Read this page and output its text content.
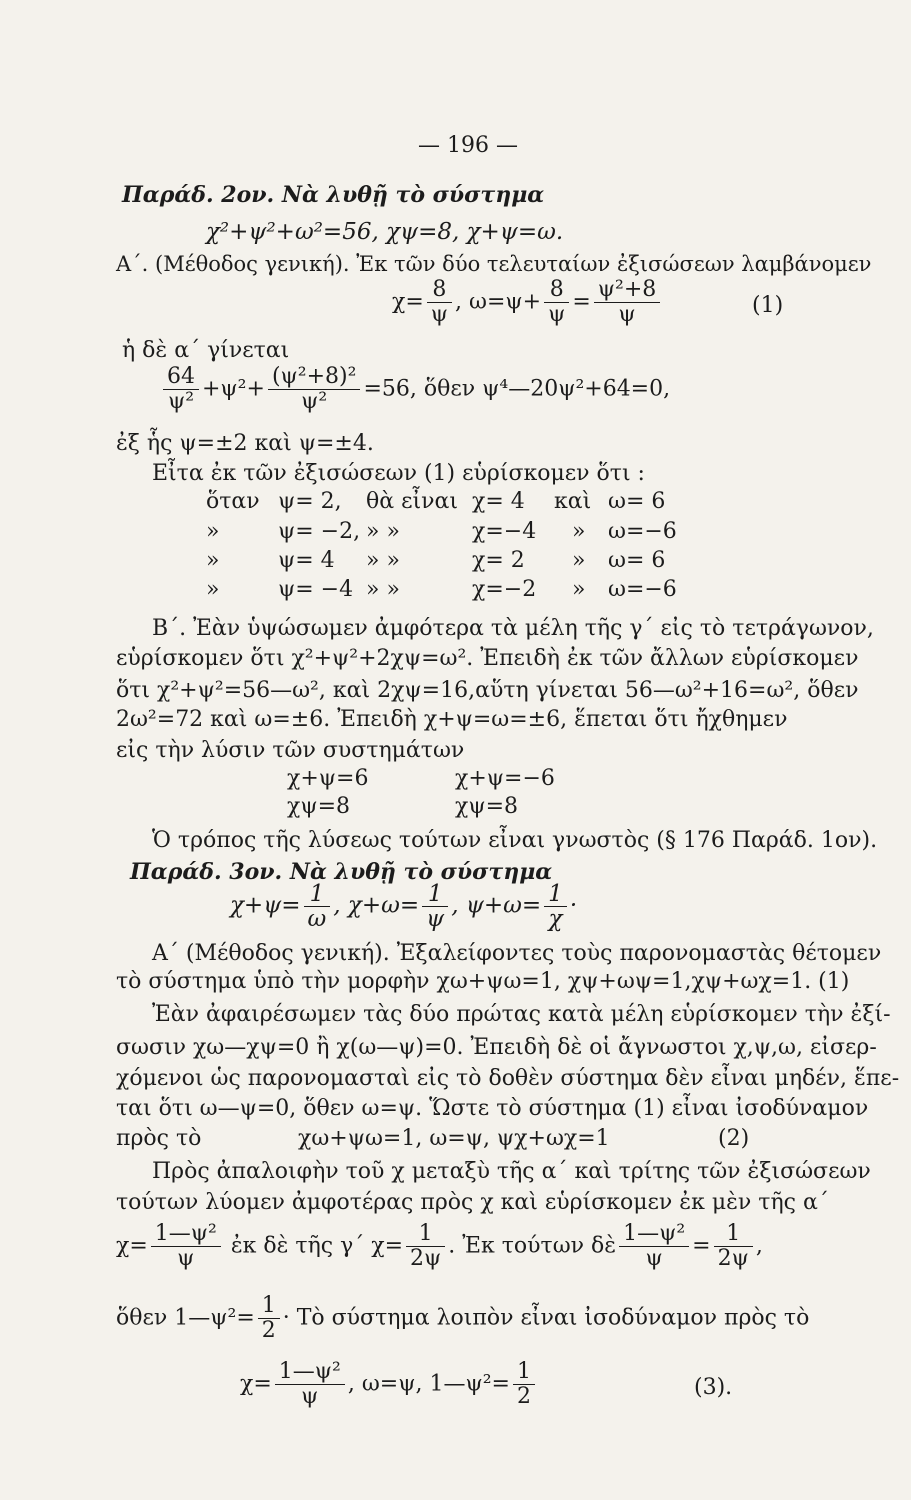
— 196 —
Παράδ. 2ον. Νὰ λυθῇ τὸ σύστημα
χ²+ψ²+ω²=56, χψ=8, χ+ψ=ω.
Α΄. (Μέθοδος γενική). Ἐκ τῶν δύο τελευταίων ἐξισώσεων λαμβάνομεν
$\chi= \frac{8}{\psi}$ , $\omega=\psi+ \frac{8}{\psi} = \frac{\text{ψ²+8}}{\psi}$	(1)
ἡ δὲ α΄ γίνεται
$\frac{64}{\text{ψ²}} +\psi^2+ \frac{\text{(ψ²+8)²}}{\text{ψ²}} =56$, ὅθεν ψ⁴—20ψ²+64=0,
ἐξ ἧς ψ=±2 καὶ ψ=±4.
Εἶτα ἐκ τῶν ἐξισώσεων (1) εὑρίσκομεν ὅτι :
ὅταν ψ= 2, θὰ εἶναι χ= 4 καὶ ω= 6
»	ψ= −2, » »	χ=−4 » ω=−6
»	ψ= 4 » »	χ= 2 » ω= 6
»	ψ= −4 » »	χ=−2 » ω=−6
Β΄. Ἐὰν ὑψώσωμεν ἀμφότερα τὰ μέλη τῆς γ΄ εἰς τὸ τετράγωνον,
εὑρίσκομεν ὅτι χ²+ψ²+2χψ=ω². Ἐπειδὴ ἐκ τῶν ἄλλων εὑρίσκομεν
ὅτι χ²+ψ²=56—ω², καὶ 2χψ=16,αὕτη γίνεται 56—ω²+16=ω², ὅθεν
2ω²=72 καὶ ω=±6. Ἐπειδὴ χ+ψ=ω=±6, ἕπεται ὅτι ἤχθημεν
εἰς τὴν λύσιν τῶν συστημάτων
χ+ψ=6
χψ=8
χ+ψ=−6
χψ=8
Ὁ τρόπος τῆς λύσεως τούτων εἶναι γνωστὸς (§ 176 Παράδ. 1ον).
Παράδ. 3ον. Νὰ λυθῇ τὸ σύστημα
$\chi+\psi= \frac{1}{\omega}$ , $\chi+\omega= \frac{1}{\psi}$ , $\psi+\omega= \frac{1}{\chi}$ ·
Α΄ (Μέθοδος γενική). Ἐξαλείφοντες τοὺς παρονομαστὰς θέτομεν
τὸ σύστημα ὑπὸ τὴν μορφὴν χω+ψω=1, χψ+ωψ=1,χψ+ωχ=1. (1)
Ἐὰν ἀφαιρέσωμεν τὰς δύο πρώτας κατὰ μέλη εὑρίσκομεν τὴν ἐξί-
σωσιν χω—χψ=0 ἢ χ(ω—ψ)=0. Ἐπειδὴ δὲ οἱ ἄγνωστοι χ,ψ,ω, εἰσερ-
χόμενοι ὡς παρονομασταὶ εἰς τὸ δοθὲν σύστημα δὲν εἶναι μηδέν, ἕπε-
ται ὅτι ω—ψ=0, ὅθεν ω=ψ. Ὥστε τὸ σύστημα (1) εἶναι ἰσοδύναμον
πρὸς τὸ	χω+ψω=1, ω=ψ, ψχ+ωχ=1	(2)
Πρὸς ἀπαλοιφὴν τοῦ χ μεταξὺ τῆς α΄ καὶ τρίτης τῶν ἐξισώσεων
τούτων λύομεν ἀμφοτέρας πρὸς χ καὶ εὑρίσκομεν ἐκ μὲν τῆς α΄
$\chi= \frac{\text{1—ψ²}}{\psi}$ ἐκ δὲ τῆς γ΄ $\chi= \frac{1}{2\psi}$ . Ἐκ τούτων δὲ $\frac{\text{1—ψ²}}{\psi} = \frac{1}{2\psi}$ ,
ὅθεν 1—ψ²= $\frac{1}{2}$ · Τὸ σύστημα λοιπὸν εἶναι ἰσοδύναμον πρὸς τὸ
$\chi= \frac{\text{1—ψ²}}{\psi}$ , ω=ψ, 1—ψ²= $\frac{1}{2}$	(3).
